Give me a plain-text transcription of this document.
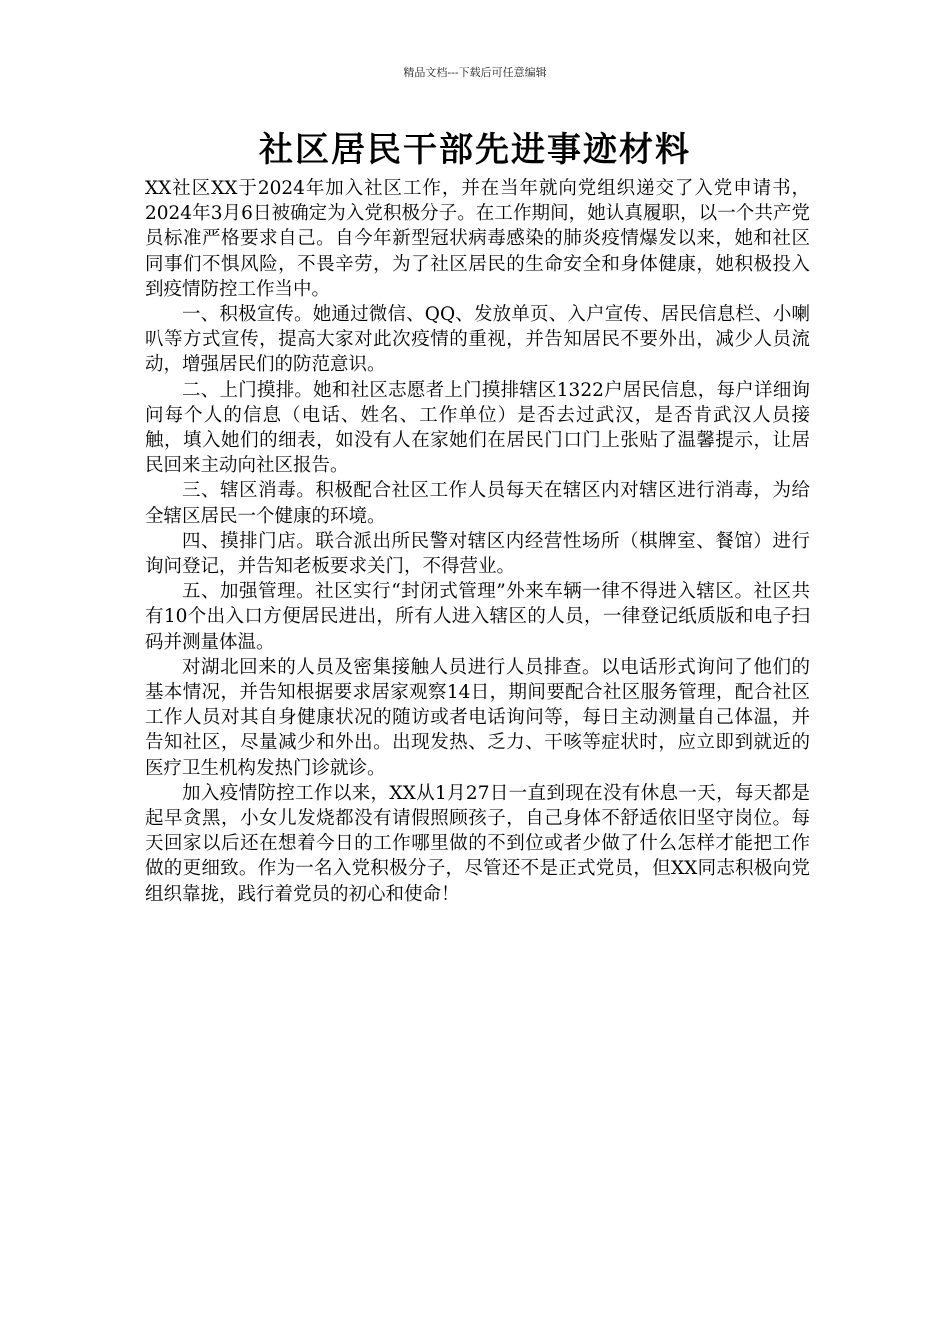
精品文档---下载后可任意编辑
社区居民干部先进事迹材料

XX社区XX于2024年加入社区工作，并在当年就向党组织递交了入党申请书，2024年3月6日被确定为入党积极分子。在工作期间，她认真履职，以一个共产党员标准严格要求自己。自今年新型冠状病毒感染的肺炎疫情爆发以来，她和社区同事们不惧风险，不畏辛劳，为了社区居民的生命安全和身体健康，她积极投入到疫情防控工作当中。

一、积极宣传。她通过微信、QQ、发放单页、入户宣传、居民信息栏、小喇叭等方式宣传，提高大家对此次疫情的重视，并告知居民不要外出，减少人员流动，增强居民们的防范意识。

二、上门摸排。她和社区志愿者上门摸排辖区1322户居民信息，每户详细询问每个人的信息（电话、姓名、工作单位）是否去过武汉，是否肯武汉人员接触，填入她们的细表，如没有人在家她们在居民门口门上张贴了温馨提示，让居民回来主动向社区报告。

三、辖区消毒。积极配合社区工作人员每天在辖区内对辖区进行消毒，为给全辖区居民一个健康的环境。

四、摸排门店。联合派出所民警对辖区内经营性场所（棋牌室、餐馆）进行询问登记，并告知老板要求关门，不得营业。

五、加强管理。社区实行“封闭式管理”外来车辆一律不得进入辖区。社区共有10个出入口方便居民进出，所有人进入辖区的人员，一律登记纸质版和电子扫码并测量体温。

对湖北回来的人员及密集接触人员进行人员排查。以电话形式询问了他们的基本情况，并告知根据要求居家观察14日，期间要配合社区服务管理，配合社区工作人员对其自身健康状况的随访或者电话询问等，每日主动测量自己体温，并告知社区，尽量减少和外出。出现发热、乏力、干咳等症状时，应立即到就近的医疗卫生机构发热门诊就诊。

加入疫情防控工作以来，XX从1月27日一直到现在没有休息一天，每天都是起早贪黑，小女儿发烧都没有请假照顾孩子，自己身体不舒适依旧坚守岗位。每天回家以后还在想着今日的工作哪里做的不到位或者少做了什么怎样才能把工作做的更细致。作为一名入党积极分子，尽管还不是正式党员，但XX同志积极向党组织靠拢，践行着党员的初心和使命！
